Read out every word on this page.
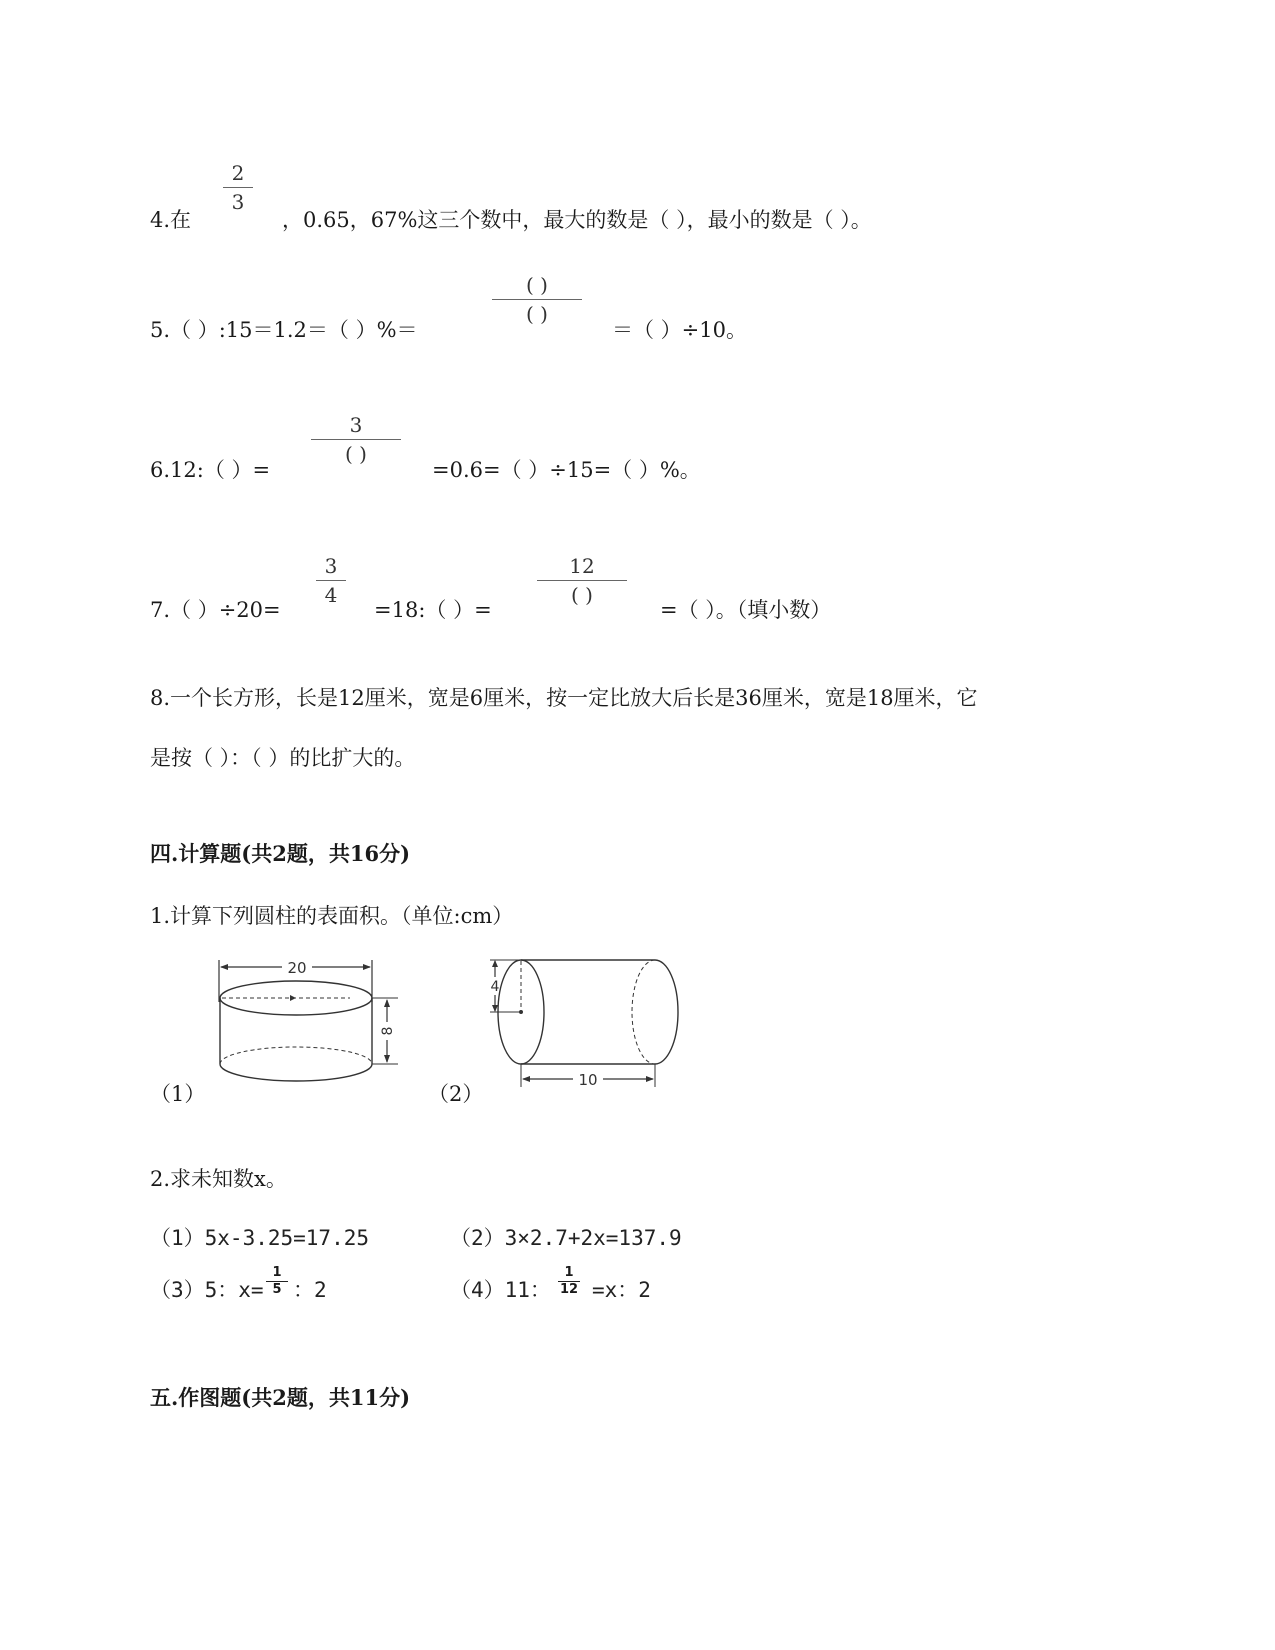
4.在
2
3
，0.65，67%这三个数中，最大的数是（ ），最小的数是（ ）。
5.（ ）:15＝1.2＝（ ）%＝
( )
( )
＝（ ）÷10。
6.12:（ ）=
3
( )
=0.6=（ ）÷15=（ ）%。
7.（ ）÷20=
3
4
=18:（ ）=
12
( )
=（ ）。（填小数）
8.一个长方形，长是12厘米，宽是6厘米，按一定比放大后长是36厘米，宽是18厘米，它
是按（ ）：（ ）的比扩大的。
四.计算题(共2题，共16分)
1.计算下列圆柱的表面积。（单位:cm）
20
8
（1）
4
10
（2）
2.求未知数x。
（1）5x-3.25=17.25	（2）3×2.7+2x=137.9
（3）5：x=
1
5 ：2	（4）11：
1
12 =x：2
五.作图题(共2题，共11分)
